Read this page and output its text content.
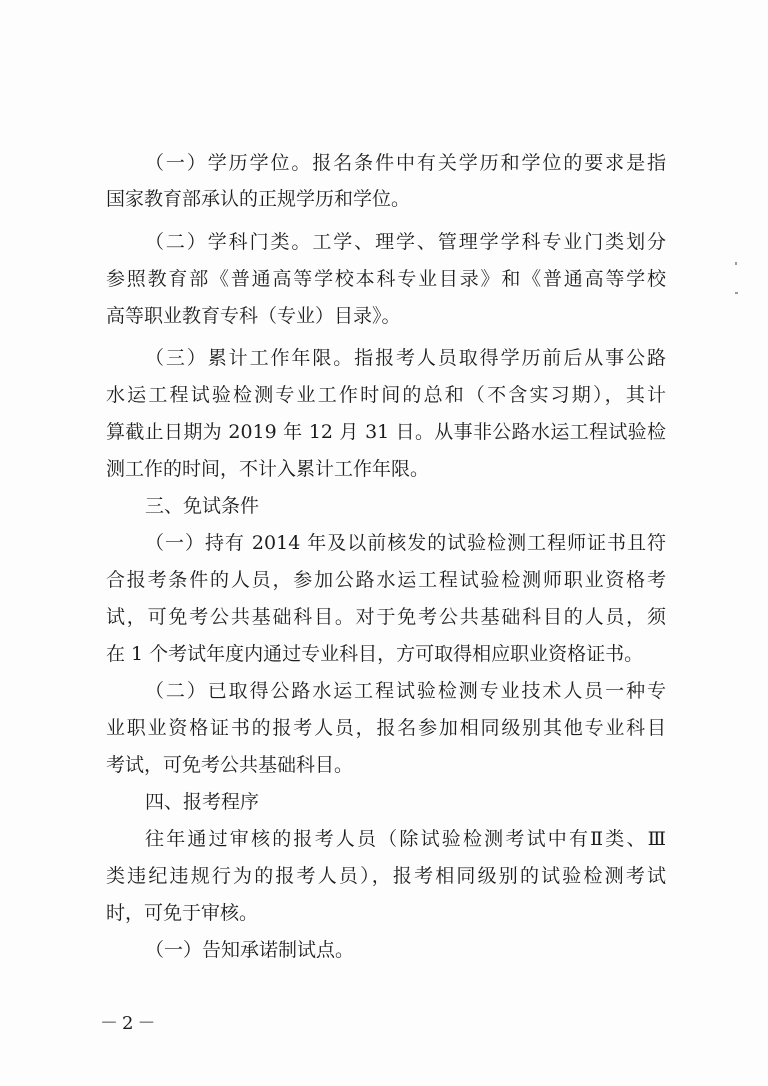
（一）学历学位。报名条件中有关学历和学位的要求是指
国家教育部承认的正规学历和学位。
（二）学科门类。工学、理学、管理学学科专业门类划分
参照教育部《普通高等学校本科专业目录》和《普通高等学校
高等职业教育专科（专业）目录》。
（三）累计工作年限。指报考人员取得学历前后从事公路
水运工程试验检测专业工作时间的总和（不含实习期），其计
算截止日期为 2019 年 12 月 31 日。从事非公路水运工程试验检
测工作的时间，不计入累计工作年限。
三、免试条件
（一）持有 2014 年及以前核发的试验检测工程师证书且符
合报考条件的人员，参加公路水运工程试验检测师职业资格考
试，可免考公共基础科目。对于免考公共基础科目的人员，须
在 1 个考试年度内通过专业科目，方可取得相应职业资格证书。
（二）已取得公路水运工程试验检测专业技术人员一种专
业职业资格证书的报考人员，报名参加相同级别其他专业科目
考试，可免考公共基础科目。
四、报考程序
往年通过审核的报考人员（除试验检测考试中有Ⅱ类、Ⅲ
类违纪违规行为的报考人员），报考相同级别的试验检测考试
时，可免于审核。
（一）告知承诺制试点。
－2－
